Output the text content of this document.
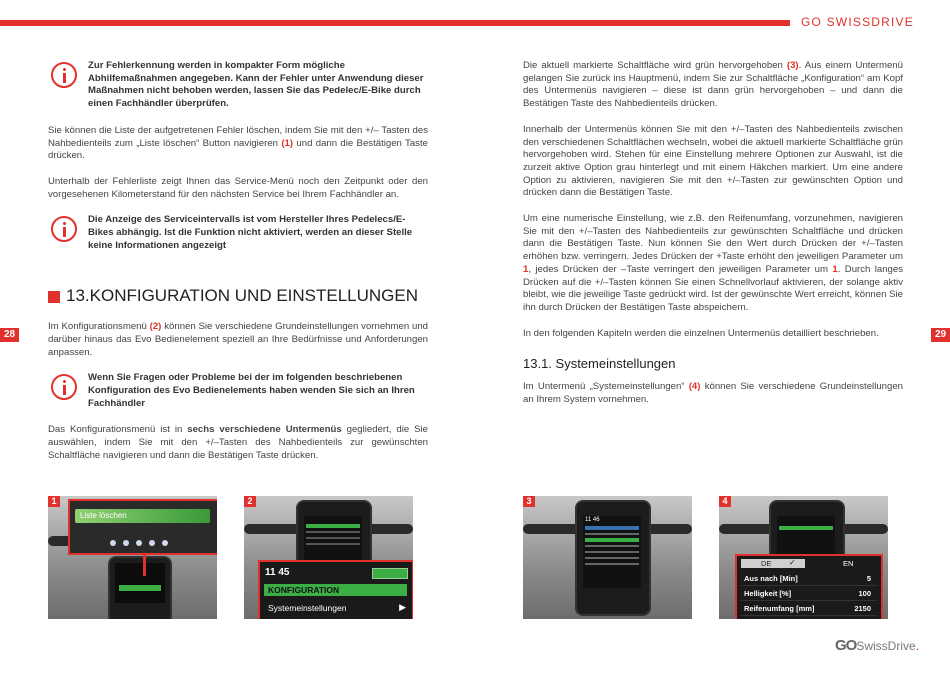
GO SWISSDRIVE
28	29
Zur Fehlerkennung werden in kompakter Form mögliche Abhilfemaßnahmen angegeben. Kann der Fehler unter Anwendung dieser Maßnahmen nicht behoben werden, lassen Sie das Pedelec/E-Bike durch einen Fachhändler überprüfen.

Sie können die Liste der aufgetretenen Fehler löschen, indem Sie mit den +/– Tasten des Nahbedienteils zum „Liste löschen“ Button navigieren (1) und dann die Bestätigen Taste drücken.

Unterhalb der Fehlerliste zeigt Ihnen das Service-Menü noch den Zeitpunkt oder den vorgesehenen Kilometerstand für den nächsten Service bei Ihrem Fachhändler an.

Die Anzeige des Serviceintervalls ist vom Hersteller Ihres Pedelecs/E-Bikes abhängig. Ist die Funktion nicht aktiviert, werden an dieser Stelle keine Informationen angezeigt
13.KONFIGURATION UND EINSTELLUNGEN

Im Konfigurationsmenü (2) können Sie verschiedene Grundeinstellungen vornehmen und darüber hinaus das Evo Bedienelement speziell an Ihre Bedürfnisse und Anforderungen anpassen.

Wenn Sie Fragen oder Probleme bei der im folgenden beschriebenen Konfiguration des Evo Bedienelements haben wenden Sie sich an Ihren Fachhändler

Das Konfigurationsmenü ist in sechs verschiedene Untermenüs gegliedert, die Sie auswählen, indem Sie mit den +/–Tasten des Nahbedienteils zur gewünschten Schaltfläche navigieren und dann die Bestätigen Taste drücken.

Die aktuell markierte Schaltfläche wird grün hervorgehoben (3). Aus einem Untermenü gelangen Sie zurück ins Hauptmenü, indem Sie zur Schaltfläche „Konfiguration“ am Kopf des Untermenüs navigieren – diese ist dann grün hervorgehoben – und dann die Bestätigen Taste des Nahbedienteils drücken.

Innerhalb der Untermenüs können Sie mit den +/–Tasten des Nahbedienteils zwischen den verschiedenen Schaltflächen wechseln, wobei die aktuell markierte Schaltfläche grün hervorgehoben wird. Stehen für eine Einstellung mehrere Optionen zur Auswahl, ist die zurzeit aktive Option grau hinterlegt und mit einem Häkchen markiert. Um eine andere Option zu aktivieren, navigieren Sie mit den +/–Tasten zur gewünschten Option und drücken dann die Bestätigen Taste.

Um eine numerische Einstellung, wie z.B. den Reifenumfang, vorzunehmen, navigieren Sie mit den +/–Tasten des Nahbedienteils zur gewünschten Schaltfläche und drücken dann die Bestätigen Taste. Nun können Sie den Wert durch Drücken der +/–Tasten erhöhen bzw. verringern. Jedes Drücken der +Taste erhöht den jeweiligen Parameter um 1, jedes Drücken der –Taste verringert den jeweiligen Parameter um 1. Durch langes Drücken auf die +/–Tasten können Sie einen Schnellvorlauf aktivieren, der solange aktiv bleibt, wie die jeweilige Taste gedrückt wird. Ist der gewünschte Wert erreicht, können Sie ihn durch Drücken der Bestätigen Taste abspeichern.

In den folgenden Kapiteln werden die einzelnen Untermenüs detailliert beschrieben.

13.1. Systemeinstellungen

Im Untermenü „Systemeinstellungen“ (4) können Sie verschiedene Grundeinstellungen an Ihrem System vornehmen.

Liste löschen
1
11 45
KONFIGURATION
Systemeinstellungen	▶
2
11 46
3
DE ✓	EN
Aus nach [Min]	5
Helligkeit [%]	100
Reifenumfang [mm]	2150
4
GOSwissDrive.
